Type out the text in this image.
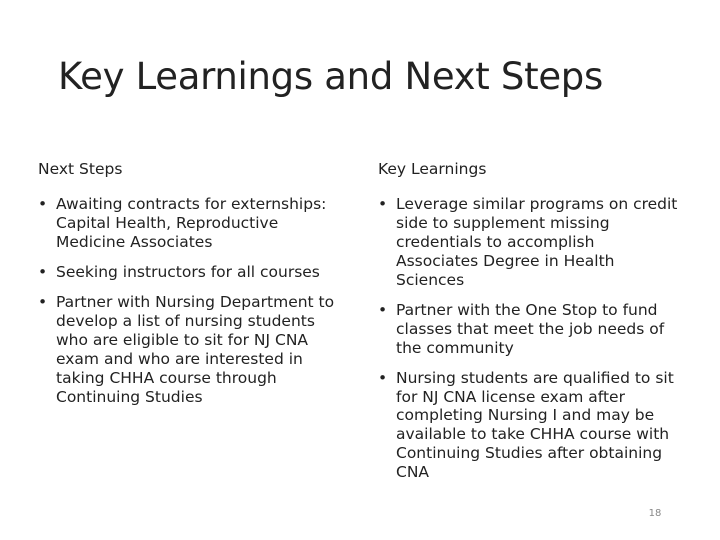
Key Learnings and Next Steps
Next Steps
• Awaiting contracts for externships: Capital Health, Reproductive Medicine Associates
• Seeking instructors for all courses
• Partner with Nursing Department to develop a list of nursing students who are eligible to sit for NJ CNA exam and who are interested in taking CHHA course through Continuing Studies
Key Learnings
• Leverage similar programs on credit side to supplement missing credentials to accomplish Associates Degree in Health Sciences
• Partner with the One Stop to fund classes that meet the job needs of the community
• Nursing students are qualified to sit for NJ CNA license exam after completing Nursing I and may be available to take CHHA course with Continuing Studies after obtaining CNA
18
